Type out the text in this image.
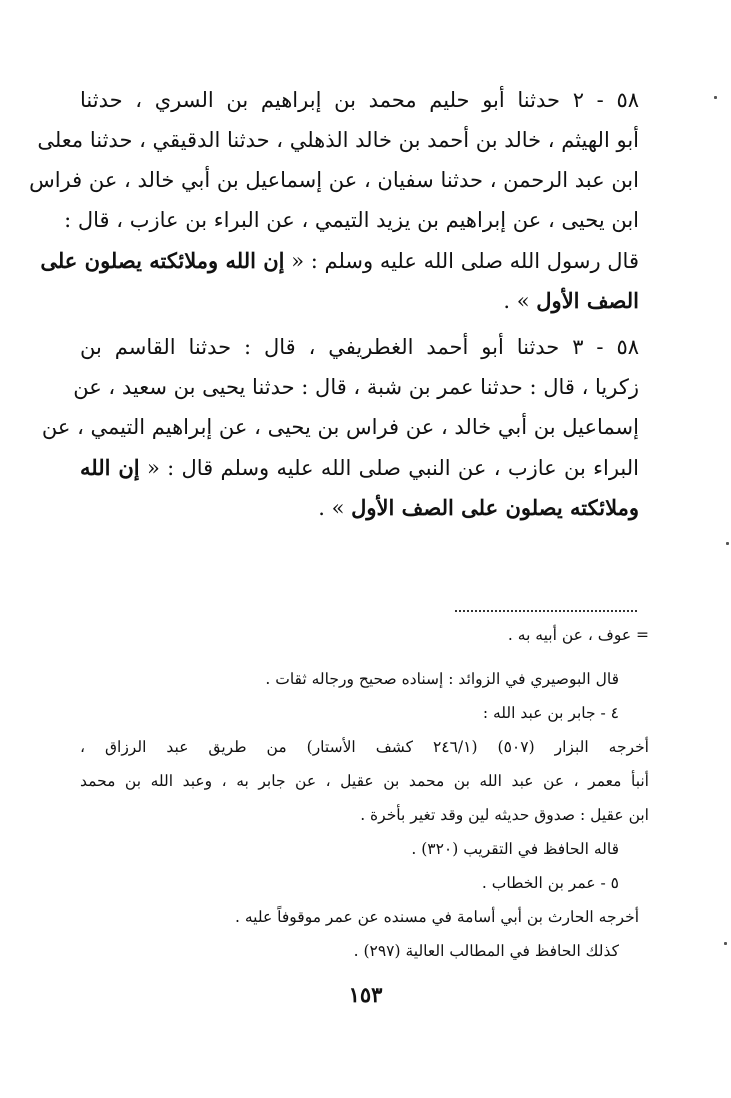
٥٨ - ٢ حدثنا أبو حليم محمد بن إبراهيم بن السري ، حدثنا
أبو الهيثم ، خالد بن أحمد بن خالد الذهلي ، حدثنا الدقيقي ، حدثنا معلى
ابن عبد الرحمن ، حدثنا سفيان ، عن إسماعيل بن أبي خالد ، عن فراس
ابن يحيى ، عن إبراهيم بن يزيد التيمي ، عن البراء بن عازب ، قال :
قال رسول الله صلى الله عليه وسلم : « إن الله وملائكته يصلون على
الصف الأول » .
٥٨ - ٣ حدثنا أبو أحمد الغطريفي ، قال : حدثنا القاسم بن
زكريا ، قال : حدثنا عمر بن شبة ، قال : حدثنا يحيى بن سعيد ، عن
إسماعيل بن أبي خالد ، عن فراس بن يحيى ، عن إبراهيم التيمي ، عن
البراء بن عازب ، عن النبي صلى الله عليه وسلم قال : « إن الله
وملائكته يصلون على الصف الأول » .
= عوف ، عن أبيه به .
قال البوصيري في الزوائد : إسناده صحيح ورجاله ثقات .
٤ - جابر بن عبد الله :
أخرجه البزار (٥٠٧) (٢٤٦/١ كشف الأستار) من طريق عبد الرزاق ،
أنبأ معمر ، عن عبد الله بن محمد بن عقيل ، عن جابر به ، وعبد الله بن محمد
ابن عقيل : صدوق حديثه لين وقد تغير بأخرة .
قاله الحافظ في التقريب (٣٢٠) .
٥ - عمر بن الخطاب .
أخرجه الحارث بن أبي أسامة في مسنده عن عمر موقوفاً عليه .
كذلك الحافظ في المطالب العالية (٢٩٧) .
١٥٣
